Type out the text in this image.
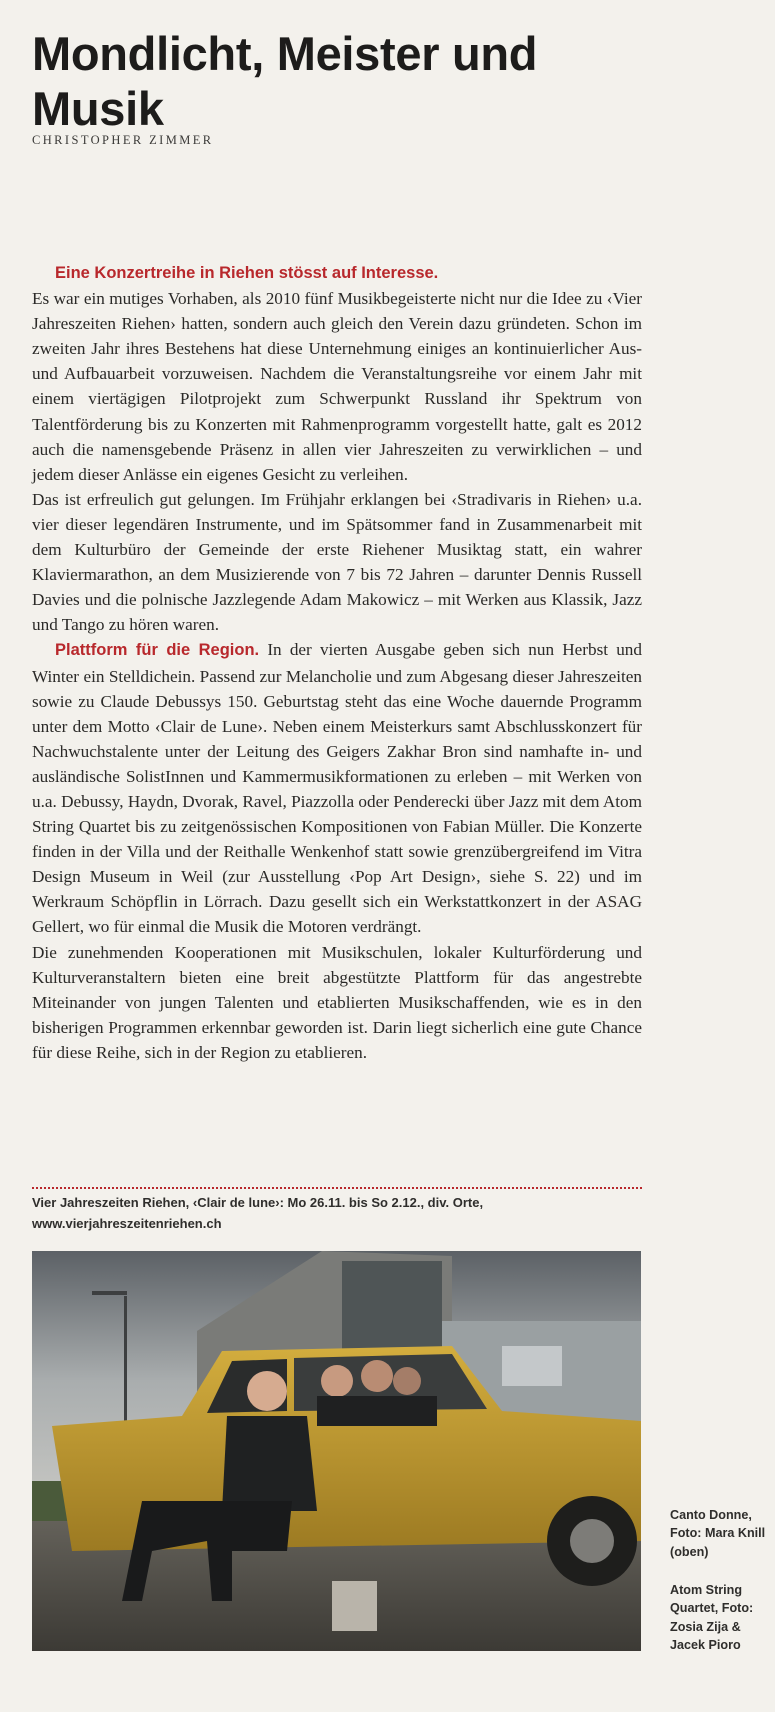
Mondlicht, Meister und Musik
CHRISTOPHER ZIMMER

Eine Konzertreihe in Riehen stösst auf Interesse.

Es war ein mutiges Vorhaben, als 2010 fünf Musikbegeisterte nicht nur die Idee zu ‹Vier Jahreszeiten Riehen› hatten, sondern auch gleich den Verein dazu gründeten. Schon im zweiten Jahr ihres Bestehens hat diese Unternehmung einiges an kontinuierlicher Aus- und Aufbauarbeit vorzuweisen. Nachdem die Veranstaltungsreihe vor einem Jahr mit einem viertägigen Pilotprojekt zum Schwerpunkt Russland ihr Spektrum von Talentförderung bis zu Konzerten mit Rahmenprogramm vorgestellt hatte, galt es 2012 auch die namensgebende Präsenz in allen vier Jahreszeiten zu verwirklichen – und jedem dieser Anlässe ein eigenes Gesicht zu verleihen.

Das ist erfreulich gut gelungen. Im Frühjahr erklangen bei ‹Stradivaris in Riehen› u.a. vier dieser legendären Instrumente, und im Spätsommer fand in Zusammenarbeit mit dem Kulturbüro der Gemeinde der erste Riehener Musiktag statt, ein wahrer Klaviermarathon, an dem Musizierende von 7 bis 72 Jahren – darunter Dennis Russell Davies und die polnische Jazzlegende Adam Makowicz – mit Werken aus Klassik, Jazz und Tango zu hören waren.

Plattform für die Region. In der vierten Ausgabe geben sich nun Herbst und Winter ein Stelldichein. Passend zur Melancholie und zum Abgesang dieser Jahreszeiten sowie zu Claude Debussys 150. Geburtstag steht das eine Woche dauernde Programm unter dem Motto ‹Clair de Lune›. Neben einem Meisterkurs samt Abschlusskonzert für Nachwuchstalente unter der Leitung des Geigers Zakhar Bron sind namhafte in- und ausländische SolistInnen und Kammermusikformationen zu erleben – mit Werken von u.a. Debussy, Haydn, Dvorak, Ravel, Piazzolla oder Penderecki über Jazz mit dem Atom String Quartet bis zu zeitgenössischen Kompositionen von Fabian Müller. Die Konzerte finden in der Villa und der Reithalle Wenkenhof statt sowie grenzübergreifend im Vitra Design Museum in Weil (zur Ausstellung ‹Pop Art Design›, siehe S. 22) und im Werkraum Schöpflin in Lörrach. Dazu gesellt sich ein Werkstattkonzert in der ASAG Gellert, wo für einmal die Musik die Motoren verdrängt.

Die zunehmenden Kooperationen mit Musikschulen, lokaler Kulturförderung und Kulturveranstaltern bieten eine breit abgestützte Plattform für das angestrebte Miteinander von jungen Talenten und etablierten Musikschaffenden, wie es in den bisherigen Programmen erkennbar geworden ist. Darin liegt sicherlich eine gute Chance für diese Reihe, sich in der Region zu etablieren.

Vier Jahreszeiten Riehen, ‹Clair de lune›: Mo 26.11. bis So 2.12., div. Orte,
www.vierjahreszeitenriehen.ch
Canto Donne, Foto: Mara Knill (oben)
Atom String Quartet, Foto: Zosia Zija & Jacek Pioro
